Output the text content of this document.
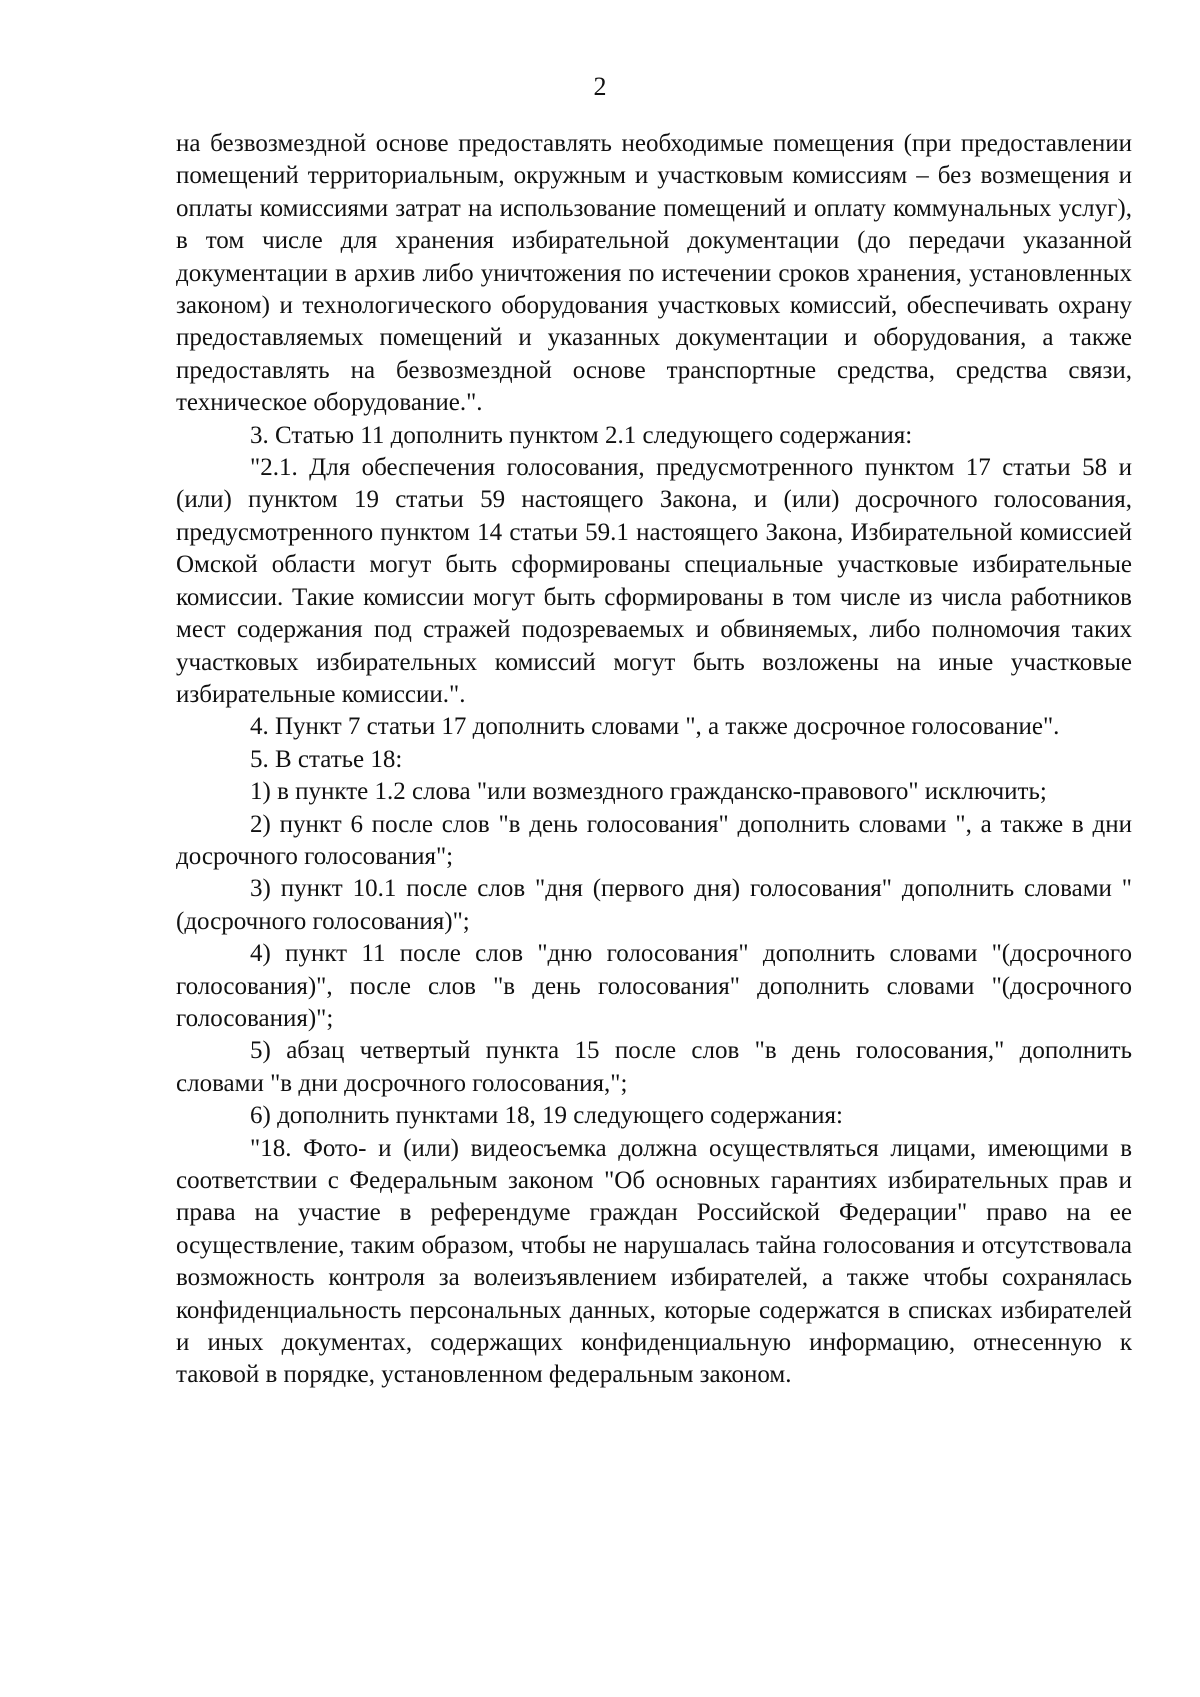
2

на безвозмездной основе предоставлять необходимые помещения (при предоставлении помещений территориальным, окружным и участковым комиссиям – без возмещения и оплаты комиссиями затрат на использование помещений и оплату коммунальных услуг), в том числе для хранения избирательной документации (до передачи указанной документации в архив либо уничтожения по истечении сроков хранения, установленных законом) и технологического оборудования участковых комиссий, обеспечивать охрану предоставляемых помещений и указанных документации и оборудования, а также предоставлять на безвозмездной основе транспортные средства, средства связи, техническое оборудование.".

3. Статью 11 дополнить пунктом 2.1 следующего содержания:

"2.1. Для обеспечения голосования, предусмотренного пунктом 17 статьи 58 и (или) пунктом 19 статьи 59 настоящего Закона, и (или) досрочного голосования, предусмотренного пунктом 14 статьи 59.1 настоящего Закона, Избирательной комиссией Омской области могут быть сформированы специальные участковые избирательные комиссии. Такие комиссии могут быть сформированы в том числе из числа работников мест содержания под стражей подозреваемых и обвиняемых, либо полномочия таких участковых избирательных комиссий могут быть возложены на иные участковые избирательные комиссии.".

4. Пункт 7 статьи 17 дополнить словами ", а также досрочное голосование".

5. В статье 18:

1) в пункте 1.2 слова "или возмездного гражданско-правового" исключить;

2) пункт 6 после слов "в день голосования" дополнить словами ", а также в дни досрочного голосования";

3) пункт 10.1 после слов "дня (первого дня) голосования" дополнить словами "(досрочного голосования)";

4) пункт 11 после слов "дню голосования" дополнить словами "(досрочного голосования)", после слов "в день голосования" дополнить словами "(досрочного голосования)";

5) абзац четвертый пункта 15 после слов "в день голосования," дополнить словами "в дни досрочного голосования,";

6) дополнить пунктами 18, 19 следующего содержания:

"18. Фото- и (или) видеосъемка должна осуществляться лицами, имеющими в соответствии с Федеральным законом "Об основных гарантиях избирательных прав и права на участие в референдуме граждан Российской Федерации" право на ее осуществление, таким образом, чтобы не нарушалась тайна голосования и отсутствовала возможность контроля за волеизъявлением избирателей, а также чтобы сохранялась конфиденциальность персональных данных, которые содержатся в списках избирателей и иных документах, содержащих конфиденциальную информацию, отнесенную к таковой в порядке, установленном федеральным законом.
